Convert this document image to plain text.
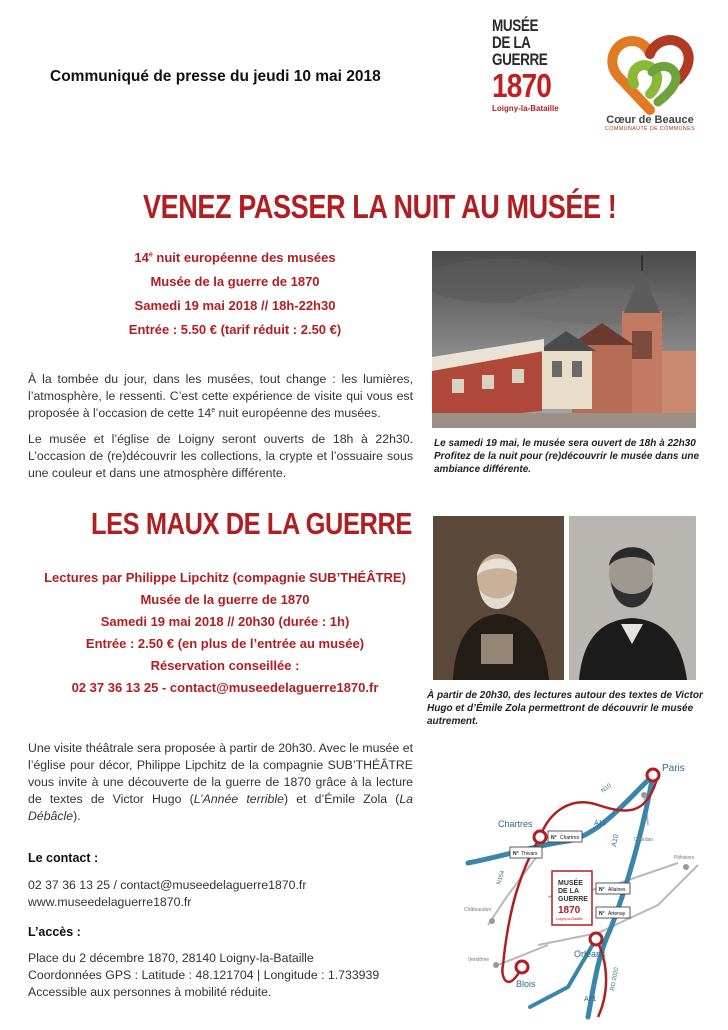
Communiqué de presse du jeudi 10 mai 2018
MUSÉE
DE LA
GUERRE
1870
Loigny-la-Bataille
Cœur de Beauce
COMMUNAUTÉ DE COMMUNES
VENEZ PASSER LA NUIT AU MUSÉE !
14e nuit européenne des musées
Musée de la guerre de 1870
Samedi 19 mai 2018 // 18h-22h30
Entrée : 5.50 € (tarif réduit : 2.50 €)
À la tombée du jour, dans les musées, tout change : les lumières, l’atmosphère, le ressenti. C’est cette expérience de visite qui vous est proposée à l’occasion de cette 14e nuit européenne des musées.
Le musée et l’église de Loigny seront ouverts de 18h à 22h30. L’occasion de (re)découvrir les collections, la crypte et l’ossuaire sous une couleur et dans une atmosphère différente.
Le samedi 19 mai, le musée sera ouvert de 18h à 22h30 Profitez de la nuit pour (re)découvrir le musée dans une ambiance différente.
LES MAUX DE LA GUERRE
Lectures par Philippe Lipchitz (compagnie SUB’THÉÂTRE)
Musée de la guerre de 1870
Samedi 19 mai 2018 // 20h30 (durée : 1h)
Entrée : 2.50 € (en plus de l’entrée au musée)
Réservation conseillée :
02 37 36 13 25 - contact@museedelaguerre1870.fr
À partir de 20h30, des lectures autour des textes de Victor Hugo et d’Émile Zola permettront de découvrir le musée autrement.
Une visite théâtrale sera proposée à partir de 20h30. Avec le musée et l’église pour décor, Philippe Lipchitz de la compagnie SUB’THÉÂTRE vous invite à une découverte de la guerre de 1870 grâce à la lecture de textes de Victor Hugo (L’Année terrible) et d’Émile Zola (La Débâcle).
Le contact :
02 37 36 13 25 / contact@museedelaguerre1870.fr
www.museedelaguerre1870.fr
L’accès :
Place du 2 décembre 1870, 28140 Loigny-la-Bataille
Coordonnées GPS : Latitude : 48.121704 | Longitude : 1.733939
Accessible aux personnes à mobilité réduite.
Paris
Chartres
Orléans
Blois
Dourdan
Pithiviers
Châteaudun
Vendôme
N10
A11
A10
A71
N154
RD 2020
N° Chartres
N° Thivars
N° Allaines
N° Artenay
MUSÉE
DE LA
GUERRE
1870
Loigny-la-Bataille
